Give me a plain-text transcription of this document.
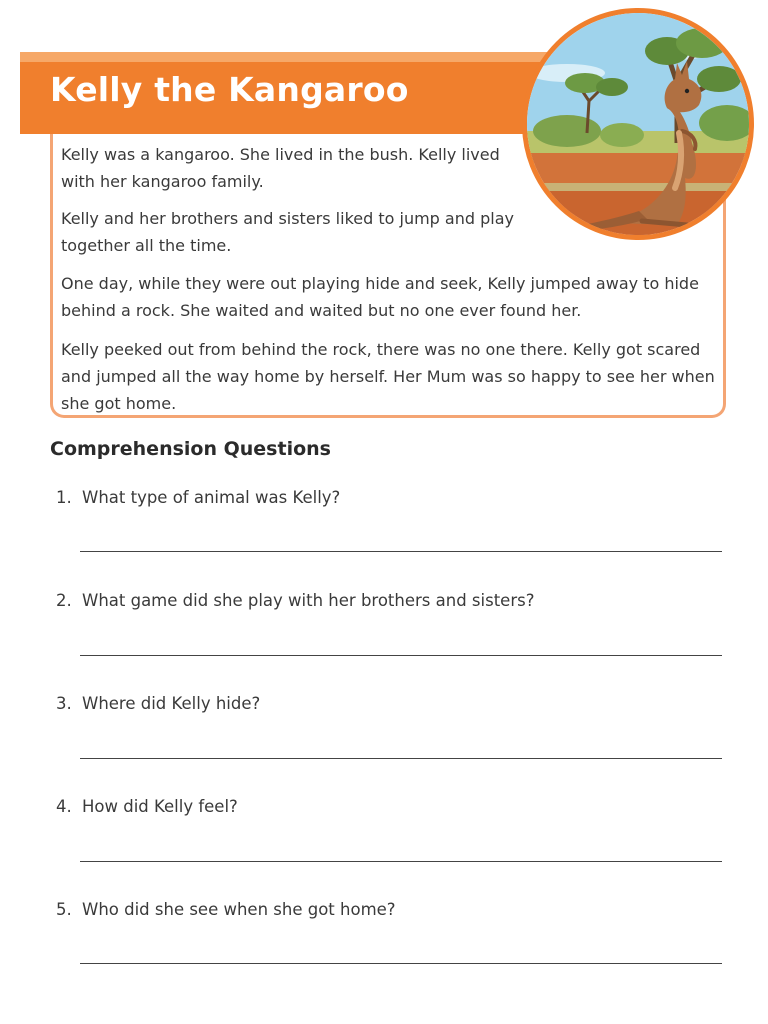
Kelly the Kangaroo

Kelly was a kangaroo. She lived in the bush. Kelly lived with her kangaroo family.

Kelly and her brothers and sisters liked to jump and play together all the time.

One day, while they were out playing hide and seek, Kelly jumped away to hide behind a rock. She waited and waited but no one ever found her.

Kelly peeked out from behind the rock, there was no one there. Kelly got scared and jumped all the way home by herself. Her Mum was so happy to see her when she got home.

Comprehension Questions
1. What type of animal was Kelly?
2. What game did she play with her brothers and sisters?
3. Where did Kelly hide?
4. How did Kelly feel?
5. Who did she see when she got home?
